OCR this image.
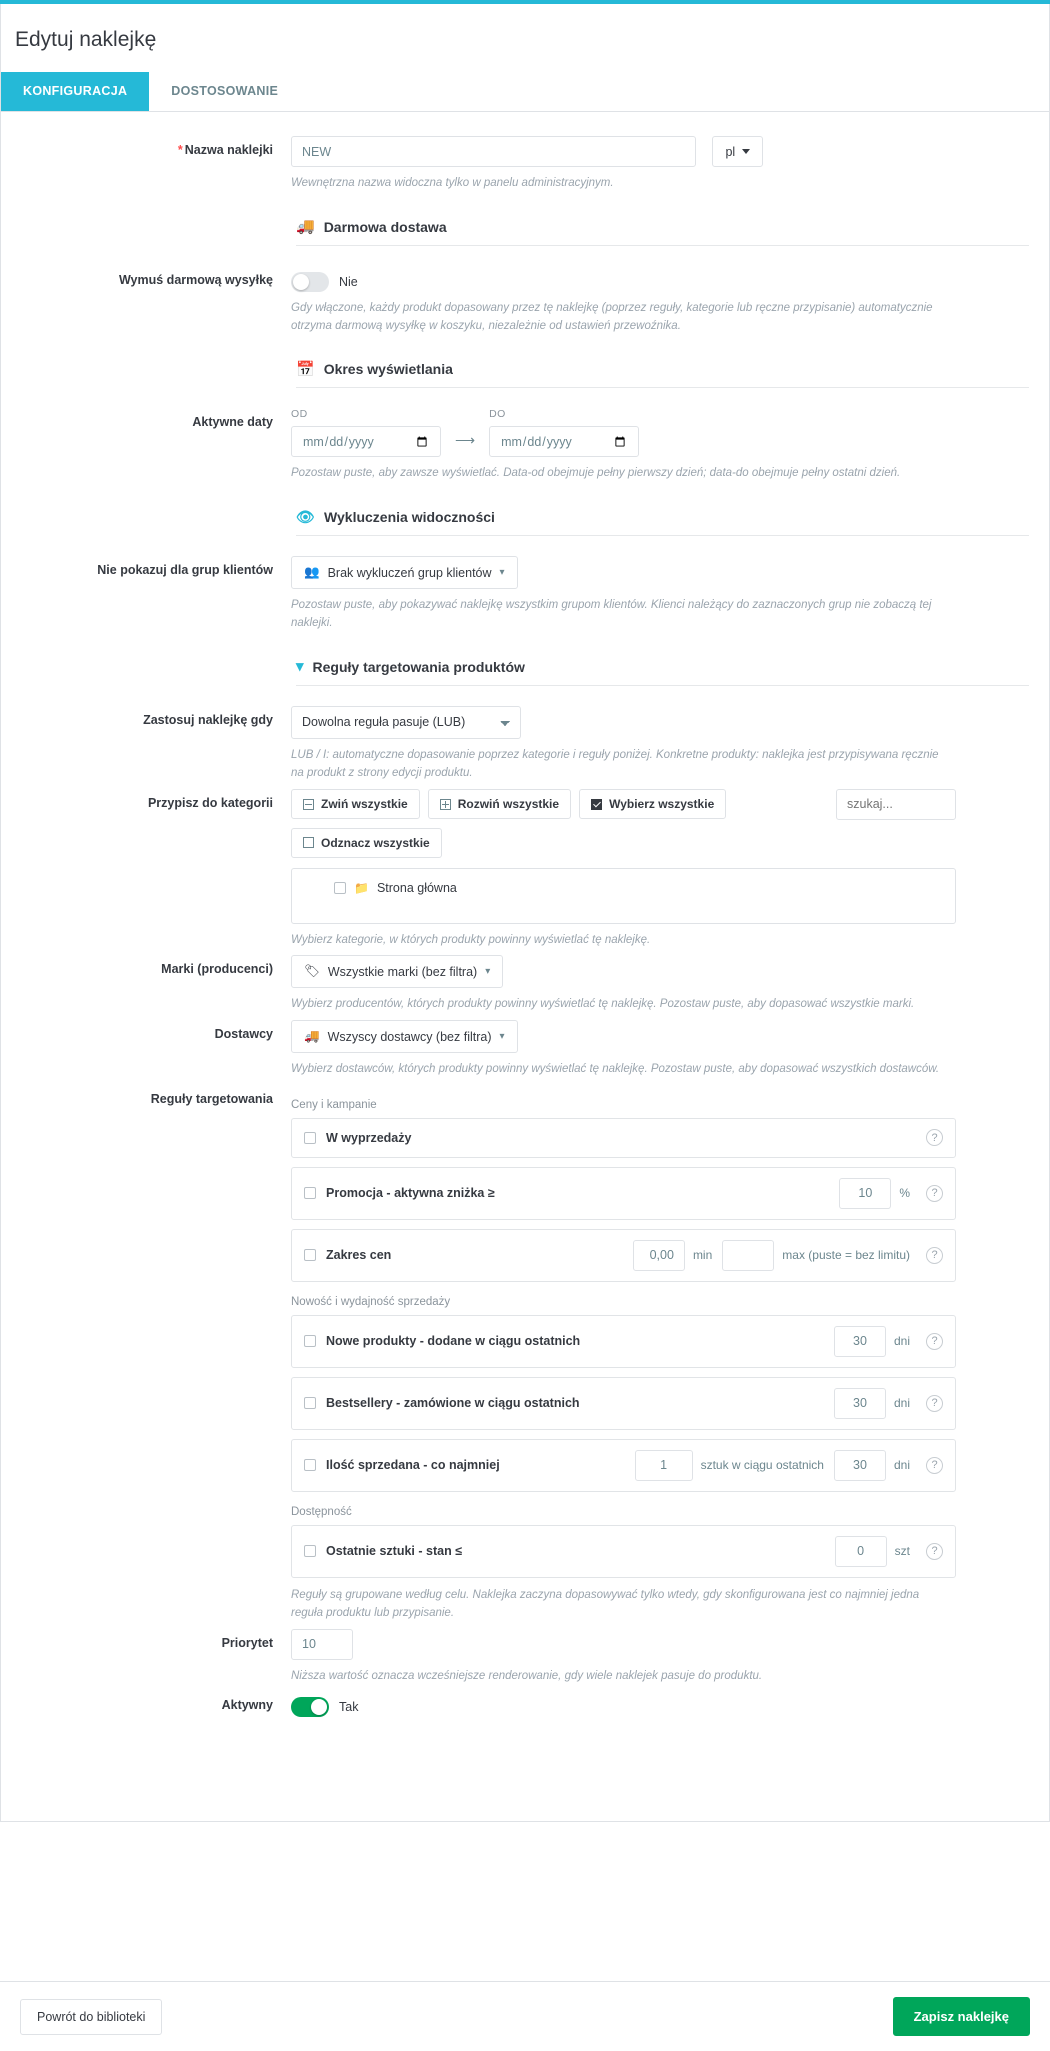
Edytuj naklejkę
KONFIGURACJA	DOSTOSOWANIE
* Nazwa naklejki
NEW	pl
Wewnętrzna nazwa widoczna tylko w panelu administracyjnym.
🚚 Darmowa dostawa
Wymuś darmową wysyłkę	Nie
Gdy włączone, każdy produkt dopasowany przez tę naklejkę (poprzez reguły, kategorie lub ręczne przypisanie) automatycznie otrzyma darmową wysyłkę w koszyku, niezależnie od ustawień przewoźnika.
📅 Okres wyświetlania
Aktywne daty
OD
⟶
DO
Pozostaw puste, aby zawsze wyświetlać. Data-od obejmuje pełny pierwszy dzień; data-do obejmuje pełny ostatni dzień.
👁 Wykluczenia widoczności
Nie pokazuj dla grup klientów	👥 Brak wykluczeń grup klientów ▾
Pozostaw puste, aby pokazywać naklejkę wszystkim grupom klientów. Klienci należący do zaznaczonych grup nie zobaczą tej naklejki.
▾ Reguły targetowania produktów
Zastosuj naklejkę gdy
Dowolna reguła pasuje (LUB)
LUB / I: automatyczne dopasowanie poprzez kategorie i reguły poniżej. Konkretne produkty: naklejka jest przypisywana ręcznie na produkt z strony edycji produktu.
Przypisz do kategorii	Zwiń wszystkie	Rozwiń wszystkie	Wybierz wszystkie
szukaj...
Odznacz wszystkie
📁 Strona główna
Wybierz kategorie, w których produkty powinny wyświetlać tę naklejkę.
Marki (producenci)	🏷 Wszystkie marki (bez filtra) ▾
Wybierz producentów, których produkty powinny wyświetlać tę naklejkę. Pozostaw puste, aby dopasować wszystkie marki.
Dostawcy	🚚 Wszyscy dostawcy (bez filtra) ▾
Wybierz dostawców, których produkty powinny wyświetlać tę naklejkę. Pozostaw puste, aby dopasować wszystkich dostawców.
Reguły targetowania	Ceny i kampanie
W wyprzedaży	?
Promocja - aktywna zniżka ≥
10	%	?
Zakres cen
0,00	min	max (puste = bez limitu)	?
Nowość i wydajność sprzedaży
Nowe produkty - dodane w ciągu ostatnich
30	dni	?
Bestsellery - zamówione w ciągu ostatnich
30	dni	?
Ilość sprzedana - co najmniej
1	sztuk w ciągu ostatnich
30	dni	?
Dostępność
Ostatnie sztuki - stan ≤
0	szt	?
Reguły są grupowane według celu. Naklejka zaczyna dopasowywać tylko wtedy, gdy skonfigurowana jest co najmniej jedna reguła produktu lub przypisanie.
Priorytet
10
Niższa wartość oznacza wcześniejsze renderowanie, gdy wiele naklejek pasuje do produktu.
Aktywny	Tak
Powrót do biblioteki	Zapisz naklejkę
